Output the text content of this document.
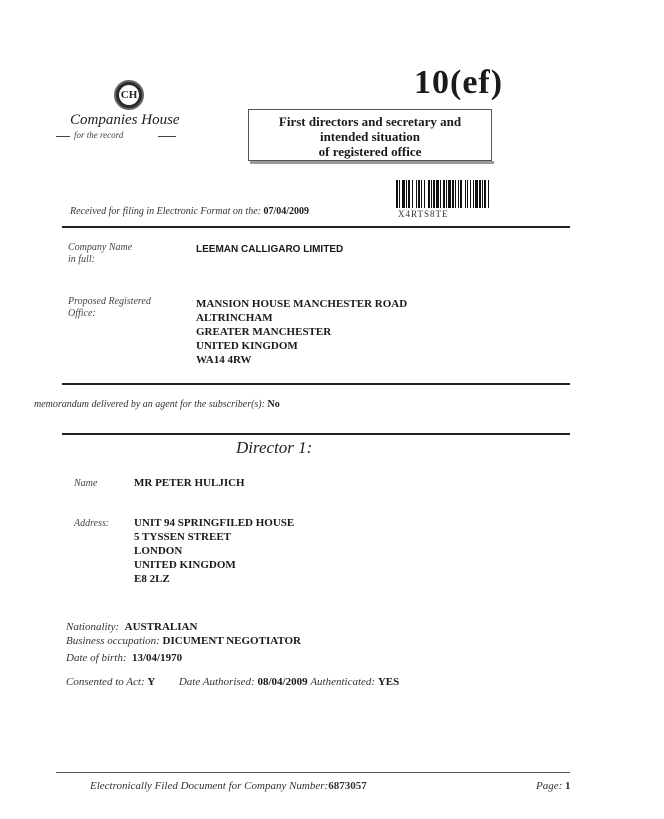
CH
Companies House
for the record
10(ef)
First directors and secretary and
intended situation
of registered office
X4RTS8TE
Received for filing in Electronic Format on the: 07/04/2009
Company Name
in full:
LEEMAN CALLIGARO LIMITED
Proposed Registered
Office:
MANSION HOUSE MANCHESTER ROAD
ALTRINCHAM
GREATER MANCHESTER
UNITED KINGDOM
WA14 4RW
memorandum delivered by an agent for the subscriber(s): No
Director 1:
Name	MR PETER HULJICH
Address: UNIT 94 SPRINGFILED HOUSE
5 TYSSEN STREET
LONDON
UNITED KINGDOM
E8 2LZ
Nationality: AUSTRALIAN
Business occupation: DICUMENT NEGOTIATOR
Date of birth: 13/04/1970
Consented to Act: Y Date Authorised: 08/04/2009 Authenticated: YES
Electronically Filed Document for Company Number:6873057	Page: 1
